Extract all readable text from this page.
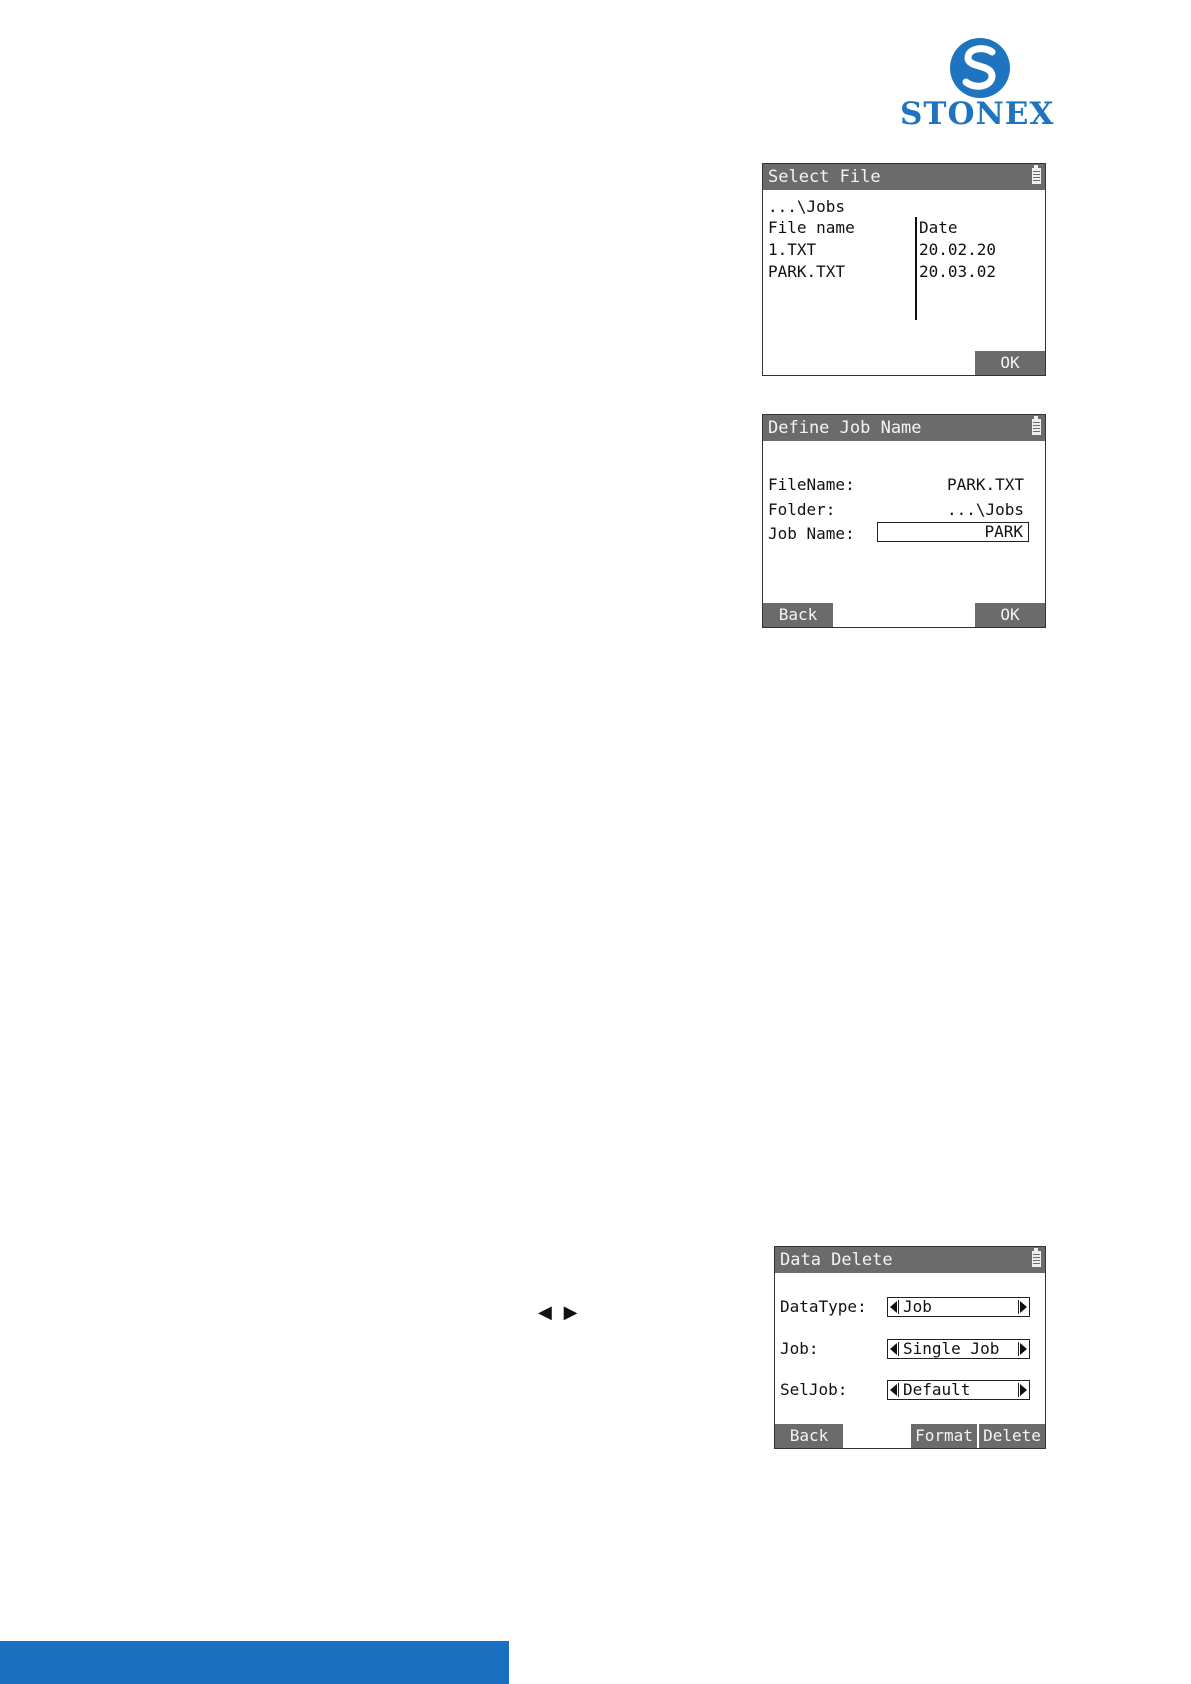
STONEX
Select File
...\Jobs
File name	Date
1.TXT	20.02.20
PARK.TXT	20.03.02
OK
Define Job Name
FileName:	PARK.TXT
Folder:	...\Jobs
Job Name:	PARK
Back	OK
◀ ▶
Data Delete
DataType: Job
Job:	Single Job
SelJob:	Default
Back	Format Delete
